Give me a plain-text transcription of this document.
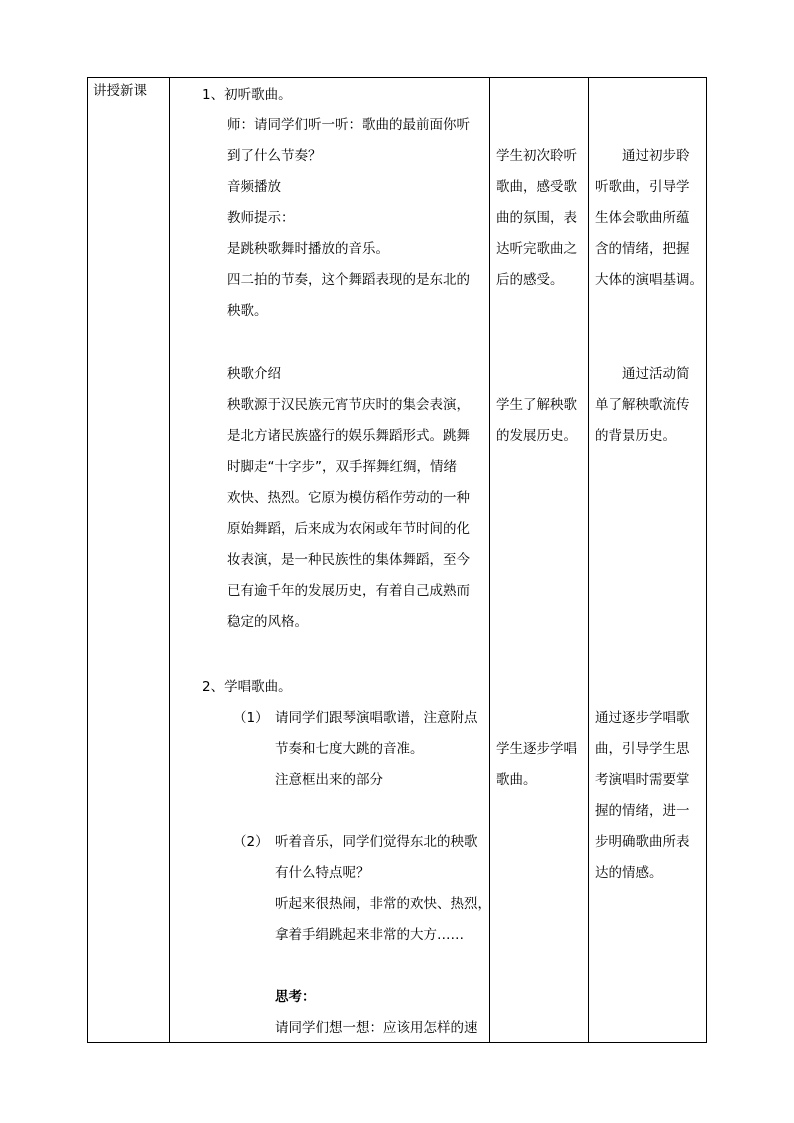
讲授新课	1、初听歌曲。
师：请同学们听一听：歌曲的最前面你听
到了什么节奏？
音频播放
教师提示：
是跳秧歌舞时播放的音乐。
四二拍的节奏，这个舞蹈表现的是东北的
秧歌。
学生初次聆听
歌曲，感受歌
曲的氛围，表
达听完歌曲之
后的感受。
通过初步聆
听歌曲，引导学
生体会歌曲所蕴
含的情绪，把握
大体的演唱基调。
秧歌介绍
秧歌源于汉民族元宵节庆时的集会表演，
是北方诸民族盛行的娱乐舞蹈形式。跳舞
时脚走“十字步”，双手挥舞红绸，情绪
欢快、热烈。它原为模仿稻作劳动的一种
原始舞蹈，后来成为农闲或年节时间的化
妆表演，是一种民族性的集体舞蹈，至今
已有逾千年的发展历史，有着自己成熟而
稳定的风格。
学生了解秧歌
的发展历史。
通过活动简
单了解秧歌流传
的背景历史。
2、学唱歌曲。
（1） 请同学们跟琴演唱歌谱，注意附点
节奏和七度大跳的音准。
注意框出来的部分
（2） 听着音乐，同学们觉得东北的秧歌
有什么特点呢？
听起来很热闹，非常的欢快、热烈，
拿着手绢跳起来非常的大方……
思考：
请同学们想一想：应该用怎样的速
学生逐步学唱
歌曲。
通过逐步学唱歌
曲，引导学生思
考演唱时需要掌
握的情绪，进一
步明确歌曲所表
达的情感。
